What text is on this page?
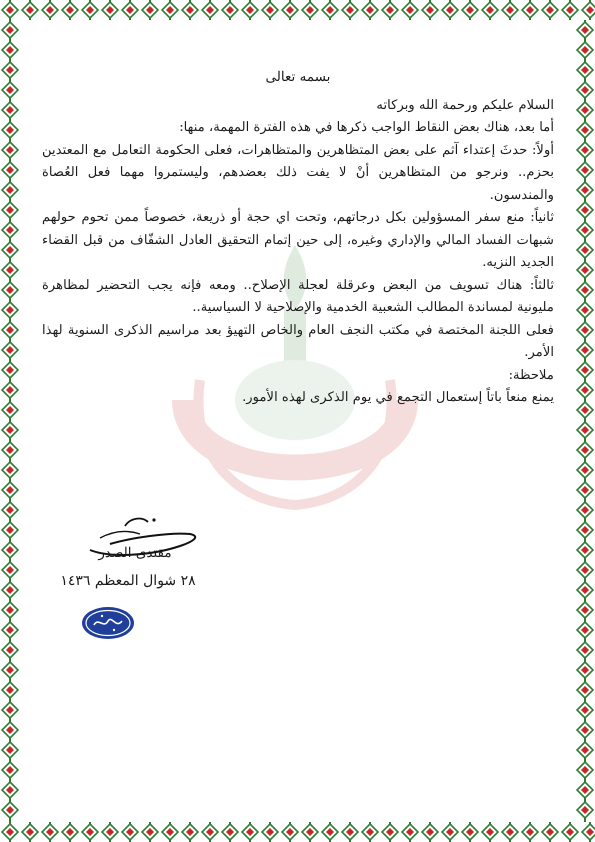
بسمه تعالى

السلام عليكم ورحمة الله وبركاته

أما بعد، هناك بعض النقاط الواجب ذكرها في هذه الفترة المهمة، منها:

أولاً: حدثَ إعتداء آثم على بعض المتظاهرين والمتظاهرات، فعلى الحكومة التعامل مع المعتدين بحزم.. ونرجو من المتظاهرين أنْ لا يفت ذلك بعضدهم، وليستمروا مهما فعل العُصاة والمندسون.

ثانياً: منع سفر المسؤولين بكل درجاتهم، وتحت اي حجة أو ذريعة، خصوصاً ممن تحوم حولهم شبهات الفساد المالي والإداري وغيره، إلى حين إتمام التحقيق العادل الشفّاف من قبل القضاء الجديد النزيه.

ثالثاً: هناك تسويف من البعض وعرقلة لعجلة الإصلاح.. ومعه فإنه يجب التحضير لمظاهرة مليونية لمساندة المطالب الشعبية الخدمية والإصلاحية لا السياسية..

فعلى اللجنة المختصة في مكتب النجف العام والخاص التهيؤ بعد مراسيم الذكرى السنوية لهذا الأمر.

ملاحظة:

يمنع منعاً باتاً إستعمال التجمع في يوم الذكرى لهذه الأمور.

مقتدى الصدر
٢٨ شوال المعظم ١٤٣٦
